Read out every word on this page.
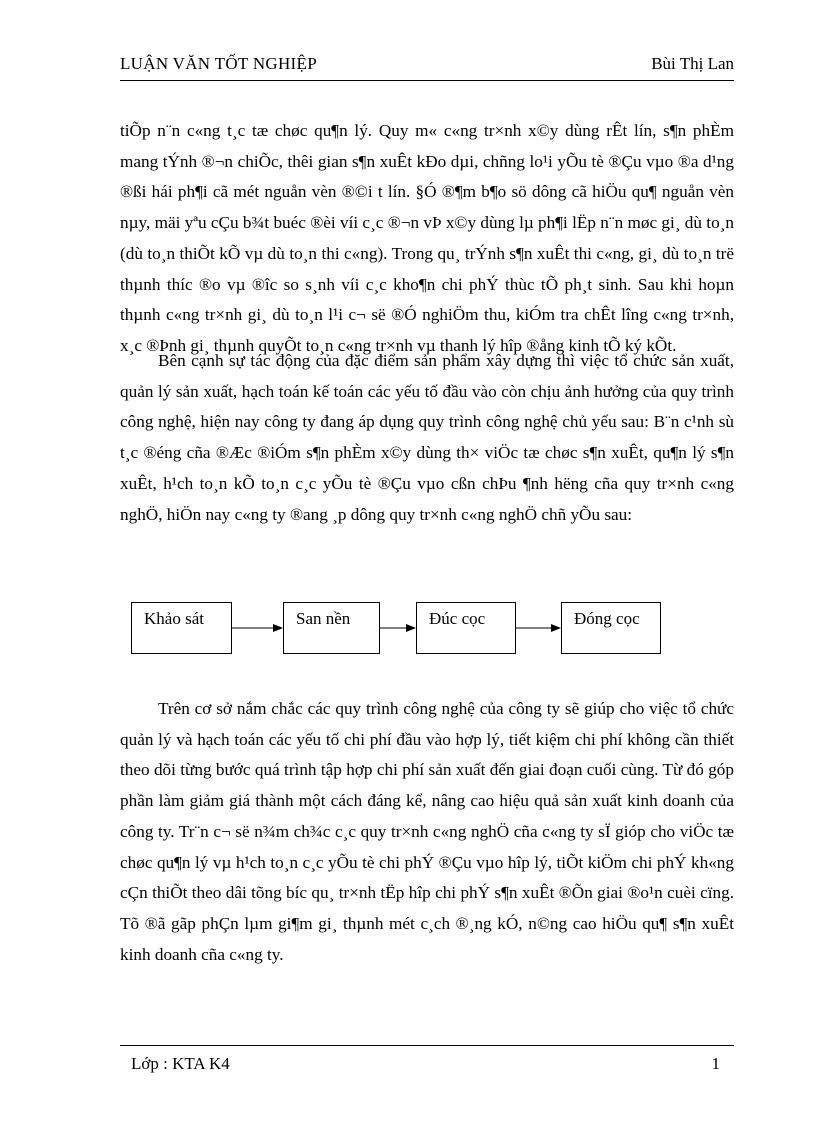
LUẬN VĂN TỐT NGHIỆP	Bùi Thị Lan

tiÕp n¨n c«ng t¸c tæ chøc qu¶n lý. Quy m« c«ng tr×nh x©y dùng rÊt lín, s¶n phÈm mang tÝnh ®¬n chiÕc, thêi gian s¶n xuÊt kÐo dµi, chñng lo¹i yÕu tè ®Çu vµo ®a d¹ng ®ßi hái ph¶i cã mét nguån vèn ®©i t lín. §Ó ®¶m b¶o sö dông cã hiÖu qu¶ nguån vèn nµy, mäi yªu cÇu b¾t buéc ®èi víi c¸c ®¬n vÞ x©y dùng lµ ph¶i lËp n¨n møc gi¸ dù to¸n (dù to¸n thiÕt kÕ vµ dù to¸n thi c«ng). Trong qu¸ trÝnh s¶n xuÊt thi c«ng, gi¸ dù to¸n trë thµnh thíc ®o vµ ®îc so s¸nh víi c¸c kho¶n chi phÝ thùc tÕ ph¸t sinh. Sau khi hoµn thµnh c«ng tr×nh gi¸ dù to¸n l¹i c¬ së ®Ó nghiÖm thu, kiÓm tra chÊt lîng c«ng tr×nh, x¸c ®Þnh gi¸ thµnh quyÕt to¸n c«ng tr×nh vµ thanh lý hîp ®ång kinh tÕ ký kÕt.

Bên cạnh sự tác động của đặc điểm sản phẩm xây dựng thì việc tổ chức sản xuất, quản lý sản xuất, hạch toán kế toán các yếu tố đầu vào còn chịu ảnh hưởng của quy trình công nghệ, hiện nay công ty đang áp dụng quy trình công nghệ chủ yếu sau: B¨n c¹nh sù t¸c ®éng cña ®Æc ®iÓm s¶n phÈm x©y dùng th× viÖc tæ chøc s¶n xuÊt, qu¶n lý s¶n xuÊt, h¹ch to¸n kÕ to¸n c¸c yÕu tè ®Çu vµo cßn chÞu ¶nh hëng cña quy tr×nh c«ng nghÖ, hiÖn nay c«ng ty ®ang ¸p dông quy tr×nh c«ng nghÖ chñ yÕu sau:

Khảo sát	San nền	Đúc cọc	Đóng cọc

Trên cơ sở nắm chắc các quy trình công nghệ của công ty sẽ giúp cho việc tổ chức quản lý và hạch toán các yếu tố chi phí đầu vào hợp lý, tiết kiệm chi phí không cần thiết theo dõi từng bước quá trình tập hợp chi phí sản xuất đến giai đoạn cuối cùng. Từ đó góp phần làm giảm giá thành một cách đáng kể, nâng cao hiệu quả sản xuất kinh doanh của công ty. Tr¨n c¬ së n¾m ch¾c c¸c quy tr×nh c«ng nghÖ cña c«ng ty sÏ gióp cho viÖc tæ chøc qu¶n lý vµ h¹ch to¸n c¸c yÕu tè chi phÝ ®Çu vµo hîp lý, tiÕt kiÖm chi phÝ kh«ng cÇn thiÕt theo dâi tõng bíc qu¸ tr×nh tËp hîp chi phÝ s¶n xuÊt ®Õn giai ®o¹n cuèi cïng. Tõ ®ã gãp phÇn lµm gi¶m gi¸ thµnh mét c¸ch ®¸ng kÓ, n©ng cao hiÖu qu¶ s¶n xuÊt kinh doanh cña c«ng ty.

Lớp : KTA K4	1
